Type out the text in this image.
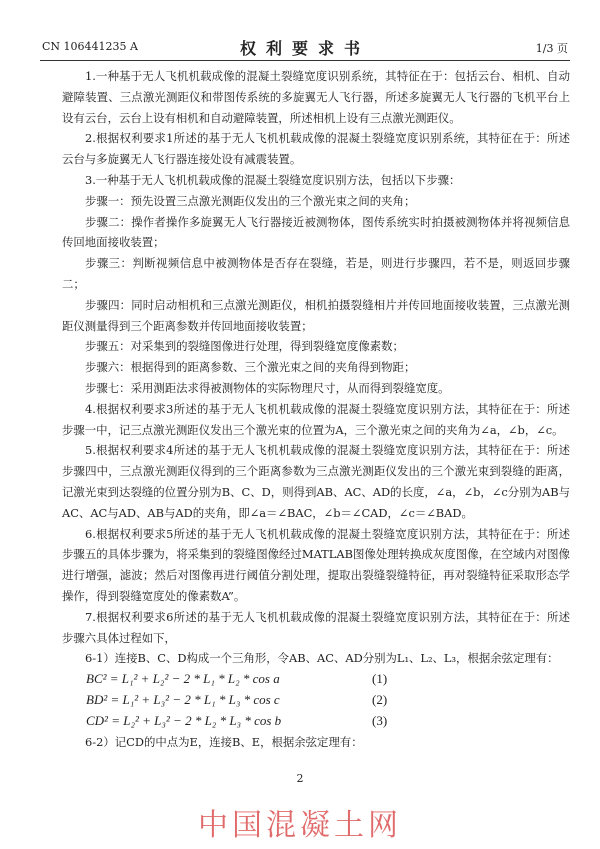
CN 106441235 A	权利要求书	1/3 页

1.一种基于无人飞机机载成像的混凝土裂缝宽度识别系统，其特征在于：包括云台、相机、自动避障装置、三点激光测距仪和带图传系统的多旋翼无人飞行器，所述多旋翼无人飞行器的飞机平台上设有云台，云台上设有相机和自动避障装置，所述相机上设有三点激光测距仪。

2.根据权利要求1所述的基于无人飞机机载成像的混凝土裂缝宽度识别系统，其特征在于：所述云台与多旋翼无人飞行器连接处设有减震装置。

3.一种基于无人飞机机载成像的混凝土裂缝宽度识别方法，包括以下步骤：

步骤一：预先设置三点激光测距仪发出的三个激光束之间的夹角；

步骤二：操作者操作多旋翼无人飞行器接近被测物体，图传系统实时拍摄被测物体并将视频信息传回地面接收装置；

步骤三：判断视频信息中被测物体是否存在裂缝，若是，则进行步骤四，若不是，则返回步骤二；

步骤四：同时启动相机和三点激光测距仪，相机拍摄裂缝相片并传回地面接收装置，三点激光测距仪测量得到三个距离参数并传回地面接收装置；

步骤五：对采集到的裂缝图像进行处理，得到裂缝宽度像素数；

步骤六：根据得到的距离参数、三个激光束之间的夹角得到物距；

步骤七：采用测距法求得被测物体的实际物理尺寸，从而得到裂缝宽度。

4.根据权利要求3所述的基于无人飞机机载成像的混凝土裂缝宽度识别方法，其特征在于：所述步骤一中，记三点激光测距仪发出三个激光束的位置为A，三个激光束之间的夹角为∠a，∠b，∠c。

5.根据权利要求4所述的基于无人飞机机载成像的混凝土裂缝宽度识别方法，其特征在于：所述步骤四中，三点激光测距仪得到的三个距离参数为三点激光测距仪发出的三个激光束到裂缝的距离，记激光束到达裂缝的位置分别为B、C、D，则得到AB、AC、AD的长度，∠a，∠b，∠c分别为AB与AC、AC与AD、AB与AD的夹角，即∠a＝∠BAC，∠b＝∠CAD，∠c＝∠BAD。

6.根据权利要求5所述的基于无人飞机机载成像的混凝土裂缝宽度识别方法，其特征在于：所述步骤五的具体步骤为，将采集到的裂缝图像经过MATLAB图像处理转换成灰度图像，在空域内对图像进行增强，滤波；然后对图像再进行阈值分割处理，提取出裂缝裂缝特征，再对裂缝特征采取形态学操作，得到裂缝宽度处的像素数A”。

7.根据权利要求6所述的基于无人飞机机载成像的混凝土裂缝宽度识别方法，其特征在于：所述步骤六具体过程如下，

6-1）连接B、C、D构成一个三角形，令AB、AC、AD分别为L₁、L₂、L₃，根据余弦定理有：

BC² = L₁² + L₂² − 2 * L₁ * L₂ * cos a	(1)
BD² = L₁² + L₃² − 2 * L₁ * L₃ * cos c	(2)
CD² = L₂² + L₃² − 2 * L₂ * L₃ * cos b	(3)

6-2）记CD的中点为E，连接B、E，根据余弦定理有：

2
中国混凝土网
